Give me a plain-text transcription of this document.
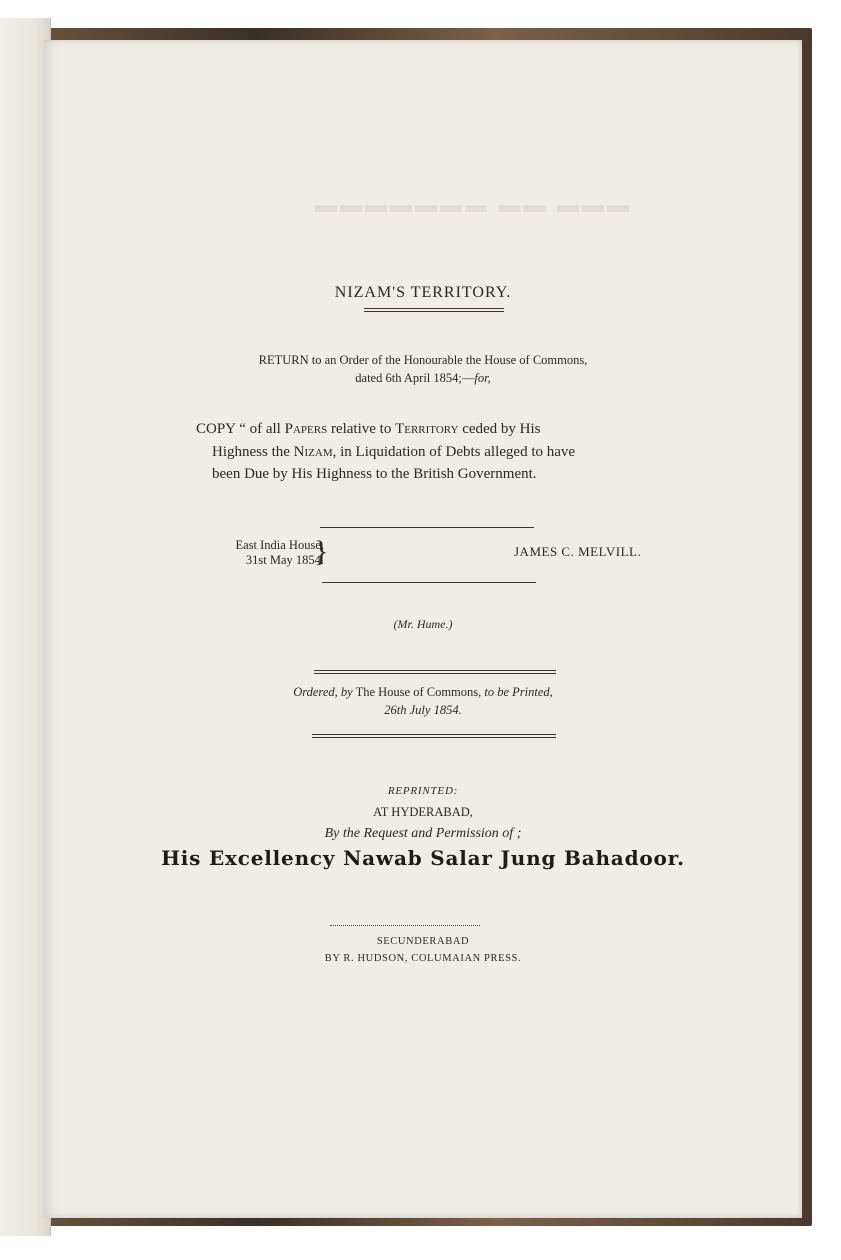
▬▬▬ ▬▬ ▬▬▬▬▬▬▬
NIZAM'S TERRITORY.
RETURN to an Order of the Honourable the House of Commons,
dated 6th April 1854;—for,
COPY “ of all Papers relative to Territory ceded by His
Highness the Nizam, in Liquidation of Debts alleged to have
been Due by His Highness to the British Government.
East India House,
31st May 1854.
}	JAMES C. MELVILL.
(Mr. Hume.)
Ordered, by The House of Commons, to be Printed,
26th July 1854.
REPRINTED:
AT HYDERABAD,
By the Request and Permission of ;
His Excellency Nawab Salar Jung Bahadoor.
SECUNDERABAD
BY R. HUDSON, COLUMAIAN PRESS.
